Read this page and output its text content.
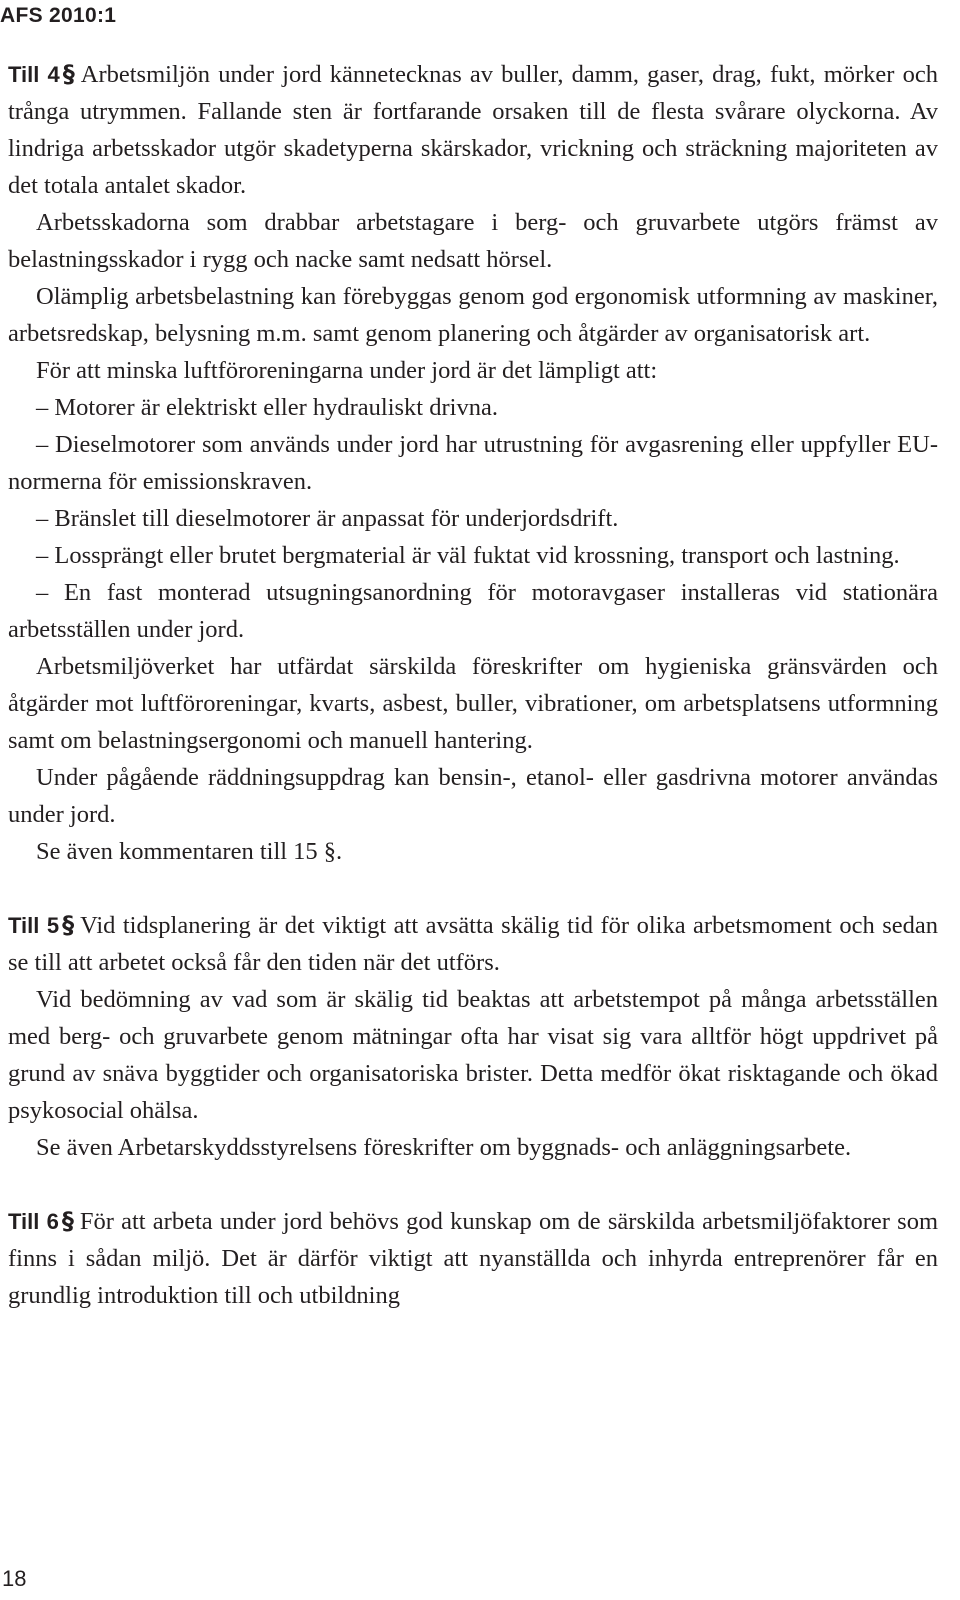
AFS 2010:1

Till 4 § Arbetsmiljön under jord kännetecknas av buller, damm, gaser, drag, fukt, mörker och trånga utrymmen. Fallande sten är fortfarande orsaken till de flesta svårare olyckorna. Av lindriga arbetsskador utgör skadetyperna skärskador, vrickning och sträckning majoriteten av det totala antalet skador.

Arbetsskadorna som drabbar arbetstagare i berg- och gruvarbete utgörs främst av belastningsskador i rygg och nacke samt nedsatt hörsel.

Olämplig arbetsbelastning kan förebyggas genom god ergonomisk utformning av maskiner, arbetsredskap, belysning m.m. samt genom planering och åtgärder av organisatorisk art.

För att minska luftföroreningarna under jord är det lämpligt att:

– Motorer är elektriskt eller hydrauliskt drivna.

– Dieselmotorer som används under jord har utrustning för avgasrening eller uppfyller EU-normerna för emissionskraven.

– Bränslet till dieselmotorer är anpassat för underjordsdrift.

– Lossprängt eller brutet bergmaterial är väl fuktat vid krossning, transport och lastning.

– En fast monterad utsugningsanordning för motoravgaser installeras vid stationära arbetsställen under jord.

Arbetsmiljöverket har utfärdat särskilda föreskrifter om hygieniska gränsvärden och åtgärder mot luftföroreningar, kvarts, asbest, buller, vibrationer, om arbetsplatsens utformning samt om belastningsergonomi och manuell hantering.

Under pågående räddningsuppdrag kan bensin-, etanol- eller gasdrivna motorer användas under jord.

Se även kommentaren till 15 §.

Till 5 § Vid tidsplanering är det viktigt att avsätta skälig tid för olika arbetsmoment och sedan se till att arbetet också får den tiden när det utförs.

Vid bedömning av vad som är skälig tid beaktas att arbetstempot på många arbetsställen med berg- och gruvarbete genom mätningar ofta har visat sig vara alltför högt uppdrivet på grund av snäva byggtider och organisatoriska brister. Detta medför ökat risktagande och ökad psykosocial ohälsa.

Se även Arbetarskyddsstyrelsens föreskrifter om byggnads- och anläggningsarbete.

Till 6 § För att arbeta under jord behövs god kunskap om de särskilda arbetsmiljöfaktorer som finns i sådan miljö. Det är därför viktigt att nyanställda och inhyrda entreprenörer får en grundlig introduktion till och utbildning

18
